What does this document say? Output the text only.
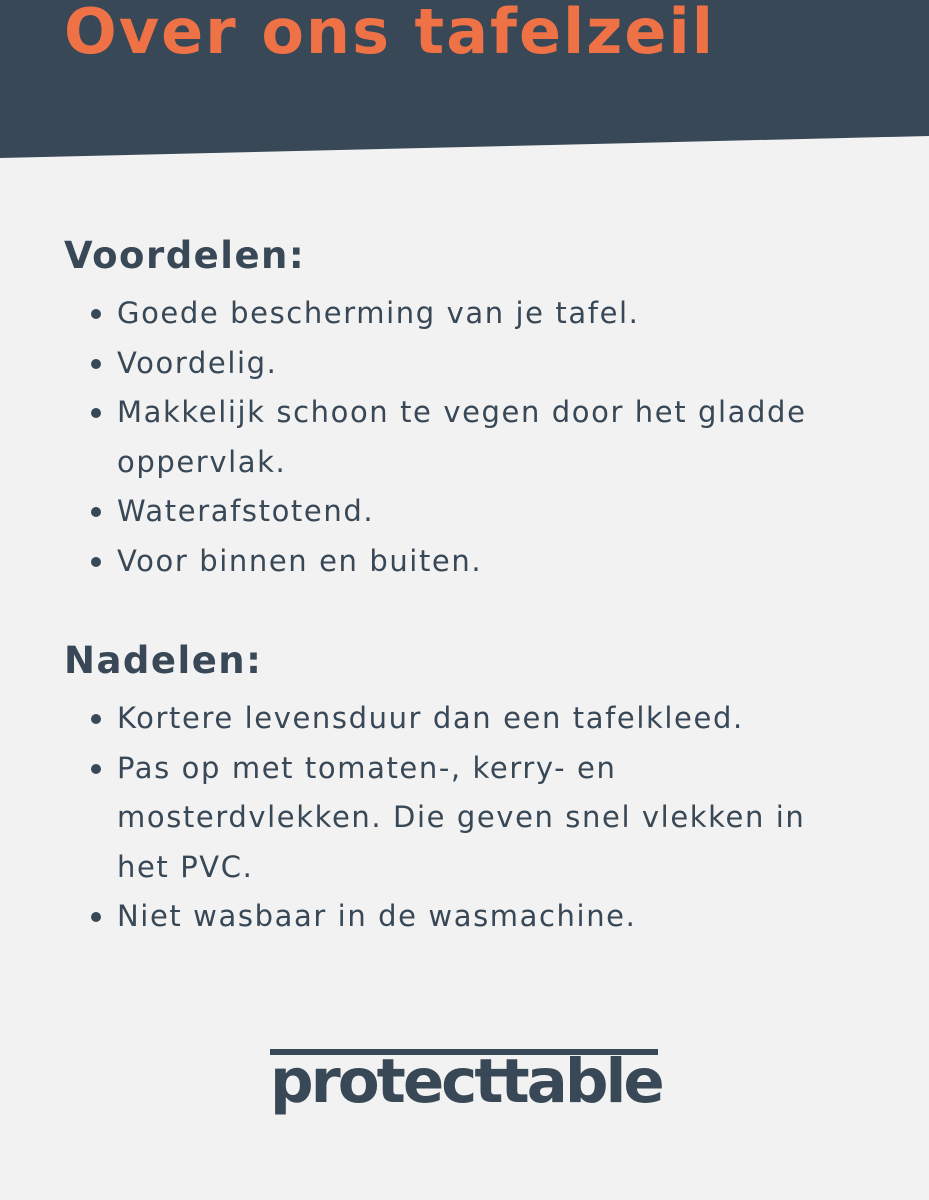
Over ons tafelzeil
Voordelen:
Goede bescherming van je tafel.
Voordelig.
Makkelijk schoon te vegen door het gladde oppervlak.
Waterafstotend.
Voor binnen en buiten.
Nadelen:
Kortere levensduur dan een tafelkleed.
Pas op met tomaten-, kerry- en mosterdvlekken. Die geven snel vlekken in het PVC.
Niet wasbaar in de wasmachine.
protecttable
